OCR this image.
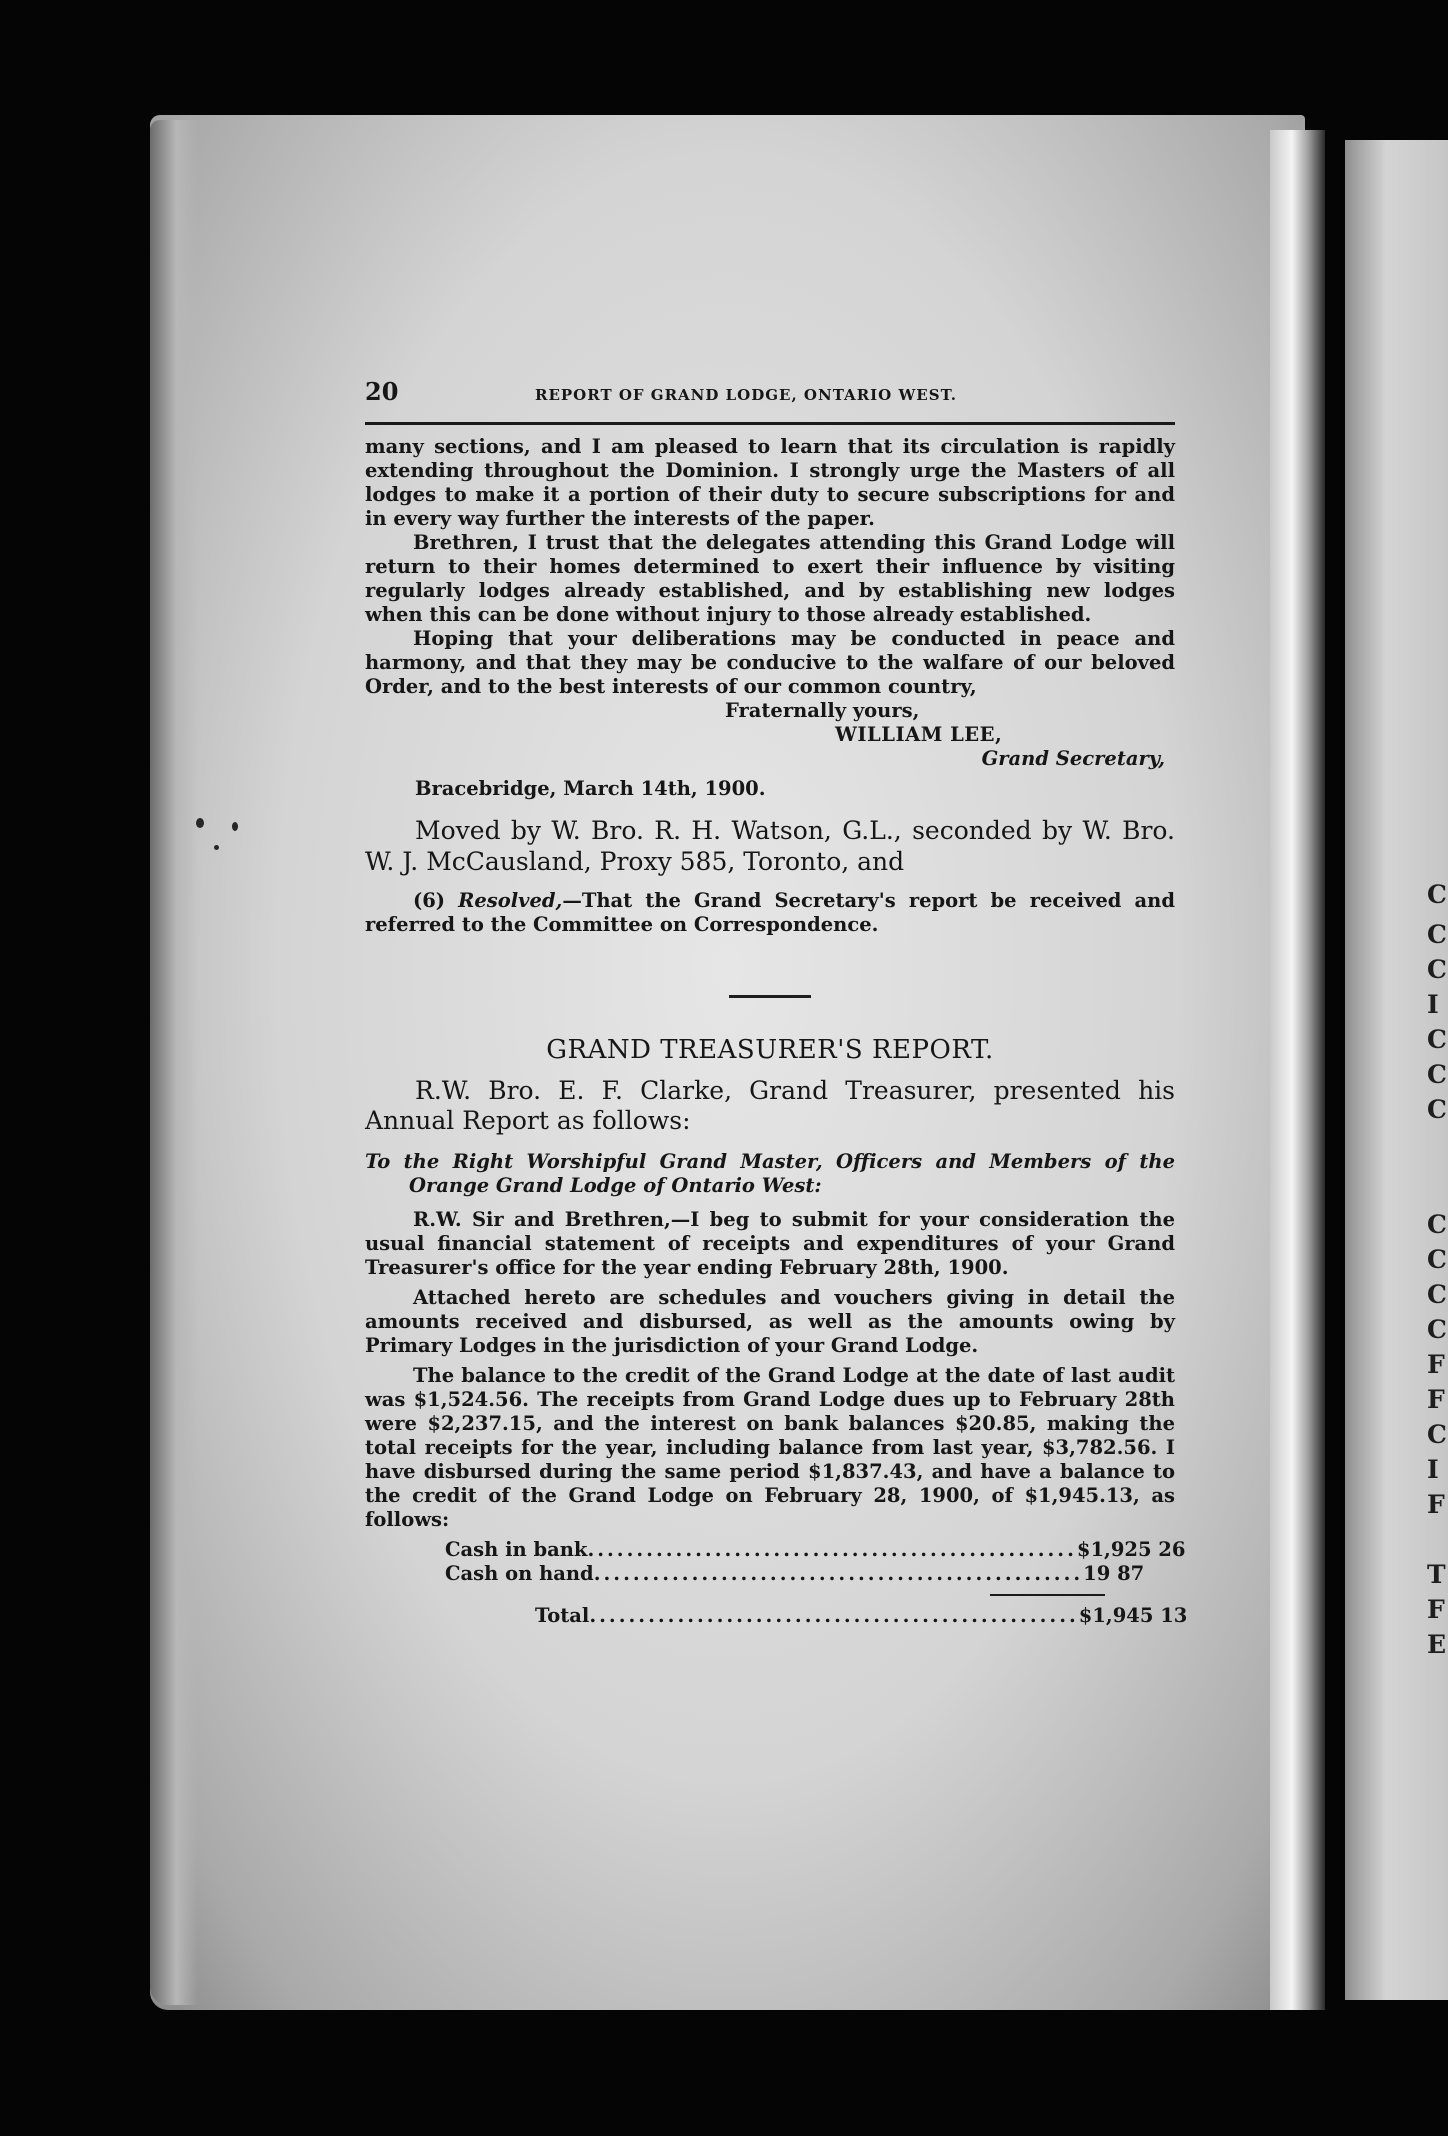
C
C
C
I
C
C
C
C
C
C
C
F
F
C
I
F
T
F
E
20	REPORT OF GRAND LODGE, ONTARIO WEST.

many sections, and I am pleased to learn that its circulation is rapidly extending throughout the Dominion. I strongly urge the Masters of all lodges to make it a portion of their duty to secure subscriptions for and in every way further the interests of the paper.

Brethren, I trust that the delegates attending this Grand Lodge will return to their homes determined to exert their influence by visiting regularly lodges already established, and by establishing new lodges when this can be done without injury to those already established.

Hoping that your deliberations may be conducted in peace and harmony, and that they may be conducive to the walfare of our beloved Order, and to the best interests of our common country,

Fraternally yours,

WILLIAM LEE,

Grand Secretary,

Bracebridge, March 14th, 1900.

Moved by W. Bro. R. H. Watson, G.L., seconded by W. Bro. W. J. McCausland, Proxy 585, Toronto, and

(6) Resolved,—That the Grand Secretary's report be received and referred to the Committee on Correspondence.

GRAND TREASURER'S REPORT.

R.W. Bro. E. F. Clarke, Grand Treasurer, presented his Annual Report as follows:

To the Right Worshipful Grand Master, Officers and Members of the Orange Grand Lodge of Ontario West:

R.W. Sir and Brethren,—I beg to submit for your consideration the usual financial statement of receipts and expenditures of your Grand Treasurer's office for the year ending February 28th, 1900.

Attached hereto are schedules and vouchers giving in detail the amounts received and disbursed, as well as the amounts owing by Primary Lodges in the jurisdiction of your Grand Lodge.

The balance to the credit of the Grand Lodge at the date of last audit was $1,524.56. The receipts from Grand Lodge dues up to February 28th were $2,237.15, and the interest on bank balances $20.85, making the total receipts for the year, including balance from last year, $3,782.56. I have disbursed during the same period $1,837.43, and have a balance to the credit of the Grand Lodge on February 28, 1900, of $1,945.13, as follows:

Cash in bank .................................................. $1,925 26
Cash on hand .................................................. 19 87
Total .................................................. $1,945 13
